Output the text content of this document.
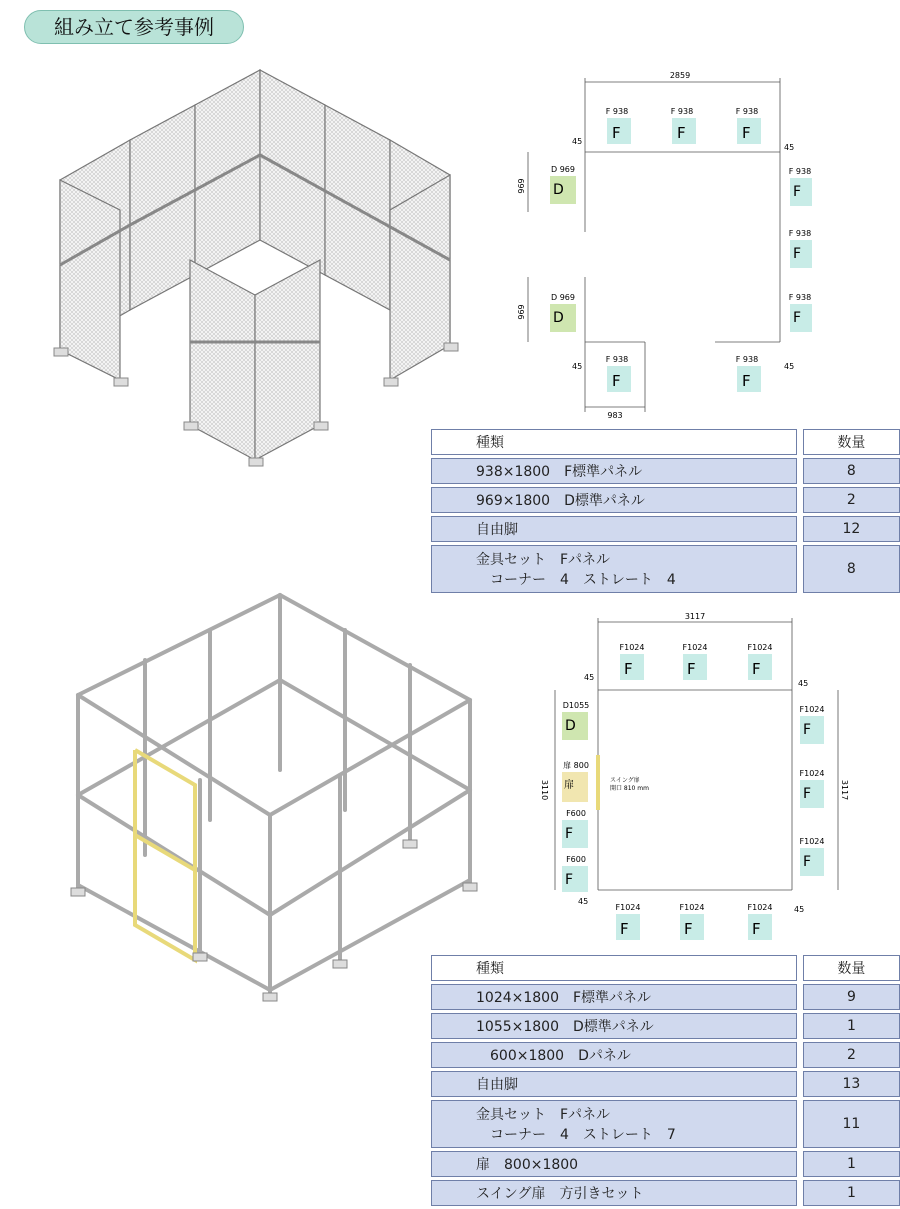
組み立て参考事例
2859
983
969
969
45
45
45	45
F 938
F
F 938
F
F 938
F
F 938
F
F 938
F
F 938
F
D 969
D
D 969
D
F 938
F
F 938
F
種類		数量
938×1800　F標準パネル		8
969×1800　D標準パネル		2
自由脚		12
金具セット　Fパネル
コーナー　4　ストレート　4		8
3117
3110	3117
45
45
45
45
スイング扉
開口 810 mm
F1024
F
F1024
F
F1024
F
F1024
F
F1024
F
F1024
F
D1055
D
扉 800
扉
F600
F
F600
F
F1024
F
F1024
F
F1024
F
種類		数量
1024×1800　F標準パネル		9
1055×1800　D標準パネル		1
600×1800　Dパネル		2
自由脚		13
金具セット　Fパネル
コーナー　4　ストレート　7		11
扉　800×1800		1
スイング扉　方引きセット		1
